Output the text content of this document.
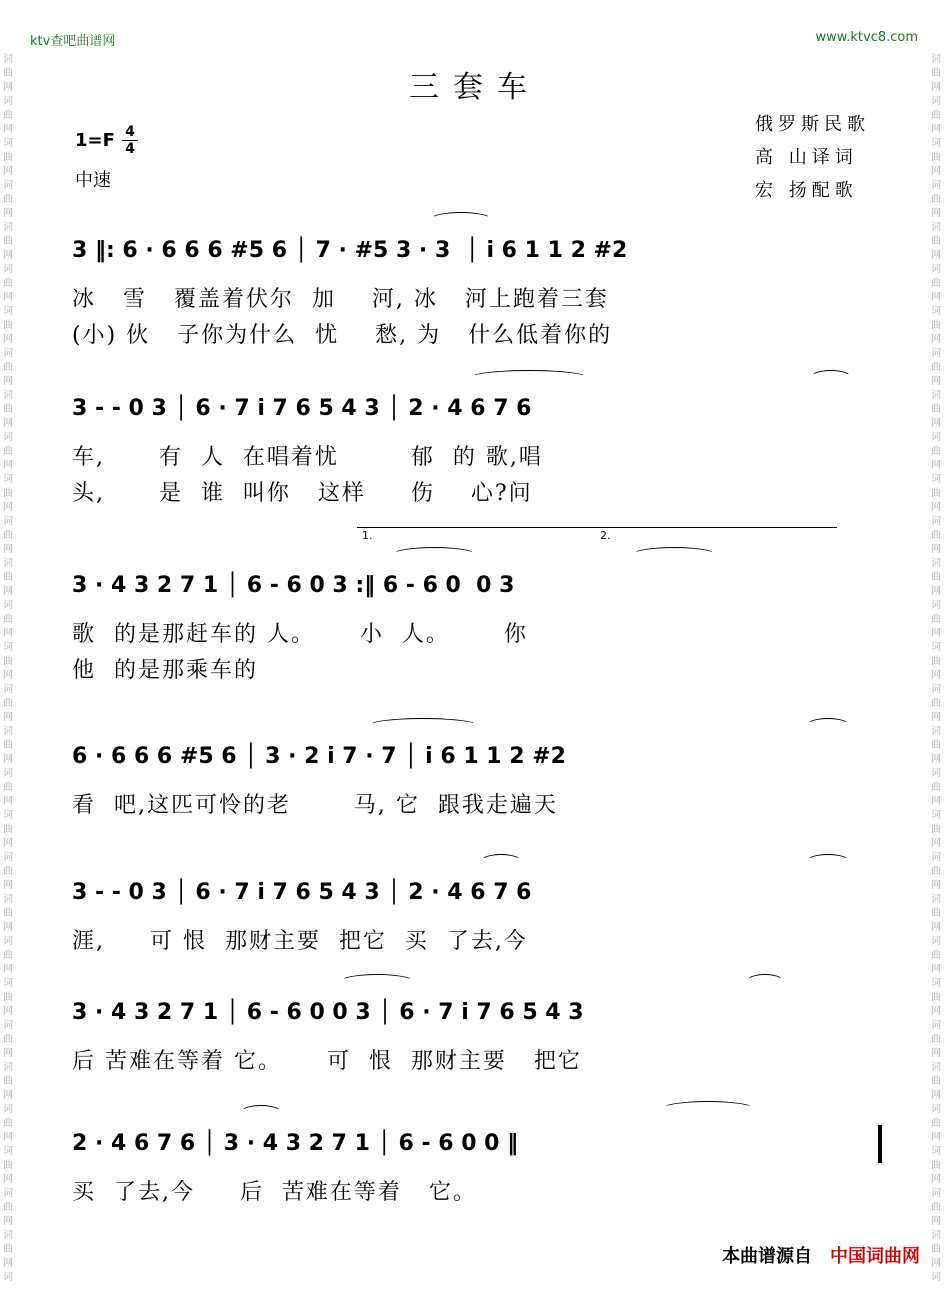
词
曲
网
词
曲
网
词
曲
网
词
曲
网
词
曲
网
词
曲
网
词
曲
网
词
曲
网
词
曲
网
词
曲
网
词
曲
网
词
曲
网
词
曲
网
词
曲
网
词
曲
网
词
曲
网
词
曲
网
词
曲
网
词
曲
网
词
曲
网
词
曲
网
词
曲
网
词
曲
网
词
曲
网
词
曲
网
词
曲
网
词
曲
网
词
曲
网
词
曲
网
词
词
曲
网
词
曲
网
词
曲
网
词
曲
网
词
曲
网
词
曲
网
词
曲
网
词
曲
网
词
曲
网
词
曲
网
词
曲
网
词
曲
网
词
曲
网
词
曲
网
词
曲
网
词
曲
网
词
曲
网
词
曲
网
词
曲
网
词
曲
网
词
曲
网
词
曲
网
词
曲
网
词
曲
网
词
曲
网
词
曲
网
词
曲
网
词
曲
网
词
曲
网
词
ktv查吧曲谱网	www.ktvc8.com
三套车
1=F 4
4
中速
俄罗斯民歌
高 山译词
宏 扬配歌
3 ‖: 6 · 6 6 6 #5 6 │ 7 · #5 3 · 3  │ i 6 1 1 2 #2
冰   雪   覆盖着伏尔  加    河, 冰   河上跑着三套
(小) 伙   子你为什么  忧    愁, 为   什么低着你的
3 - - 0 3 │ 6 · 7 i 7 6 5 4 3 │ 2 · 4 6 7 6
车,      有  人  在唱着忧        郁  的 歌,唱
头,      是  谁  叫你   这样     伤    心?问
1.	2.
3 · 4 3 2 7 1 │ 6 - 6 0 3 :‖ 6 - 6 0  0 3
歌  的是那赶车的 人。     小  人。      你
他  的是那乘车的
6 · 6 6 6 #5 6 │ 3 · 2 i 7 · 7 │ i 6 1 1 2 #2
看  吧,这匹可怜的老       马, 它  跟我走遍天
3 - - 0 3 │ 6 · 7 i 7 6 5 4 3 │ 2 · 4 6 7 6
涯,     可 恨  那财主要  把它  买  了去,今
3 · 4 3 2 7 1 │ 6 - 6 0 0 3 │ 6 · 7 i 7 6 5 4 3
后 苦难在等着 它。     可  恨  那财主要   把它
2 · 4 6 7 6 │ 3 · 4 3 2 7 1 │ 6 - 6 0 0 ‖
买  了去,今     后  苦难在等着   它。
本曲谱源自 中国词曲网
